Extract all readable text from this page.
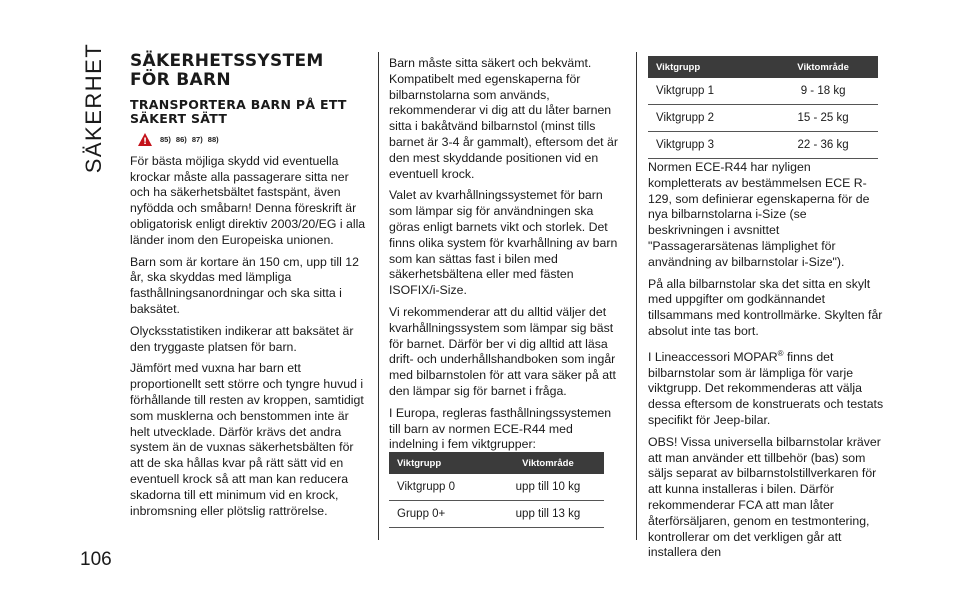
SÄKERHET
106
SÄKERHETSSYSTEM FÖR BARN
TRANSPORTERA BARN PÅ ETT SÄKERT SÄTT
!
85) 86) 87) 88)

För bästa möjliga skydd vid eventuella krockar måste alla passagerare sitta ner och ha säkerhetsbältet fastspänt, även nyfödda och småbarn! Denna föreskrift är obligatorisk enligt direktiv 2003/20/EG i alla länder inom den Europeiska unionen.

Barn som är kortare än 150 cm, upp till 12 år, ska skyddas med lämpliga fasthållningsanordningar och ska sitta i baksätet.

Olycksstatistiken indikerar att baksätet är den tryggaste platsen för barn.

Jämfört med vuxna har barn ett proportionellt sett större och tyngre huvud i förhållande till resten av kroppen, samtidigt som musklerna och benstommen inte är helt utvecklade. Därför krävs det andra system än de vuxnas säkerhetsbälten för att de ska hållas kvar på rätt sätt vid en eventuell krock så att man kan reducera skadorna till ett minimum vid en krock, inbromsning eller plötslig rattrörelse.

Barn måste sitta säkert och bekvämt. Kompatibelt med egenskaperna för bilbarnstolarna som används, rekommenderar vi dig att du låter barnen sitta i bakåtvänd bilbarnstol (minst tills barnet är 3-4 år gammalt), eftersom det är den mest skyddande positionen vid en eventuell krock.

Valet av kvarhållningssystemet för barn som lämpar sig för användningen ska göras enligt barnets vikt och storlek. Det finns olika system för kvarhållning av barn som kan sättas fast i bilen med säkerhetsbältena eller med fästen ISOFIX/i-Size.

Vi rekommenderar att du alltid väljer det kvarhållningssystem som lämpar sig bäst för barnet. Därför ber vi dig alltid att läsa drift- och underhållshandboken som ingår med bilbarnstolen för att vara säker på att den lämpar sig för barnet i fråga.

I Europa, regleras fasthållningssystemen till barn av normen ECE-R44 med indelning i fem viktgrupper:

Viktgrupp	Viktområde
Viktgrupp 0	upp till 10 kg
Grupp 0+	upp till 13 kg
Viktgrupp	Viktområde
Viktgrupp 1	9 - 18 kg
Viktgrupp 2	15 - 25 kg
Viktgrupp 3	22 - 36 kg

Normen ECE-R44 har nyligen kompletterats av bestämmelsen ECE R-129, som definierar egenskaperna för de nya bilbarnstolarna i-Size (se beskrivningen i avsnittet "Passagerarsätenas lämplighet för användning av bilbarnstolar i-Size").

På alla bilbarnstolar ska det sitta en skylt med uppgifter om godkännandet tillsammans med kontrollmärke. Skylten får absolut inte tas bort.

I Lineaccessori MOPAR® finns det bilbarnstolar som är lämpliga för varje viktgrupp. Det rekommenderas att välja dessa eftersom de konstruerats och testats specifikt för Jeep-bilar.

OBS! Vissa universella bilbarnstolar kräver att man använder ett tillbehör (bas) som säljs separat av bilbarnstolstillverkaren för att kunna installeras i bilen. Därför rekommenderar FCA att man låter återförsäljaren, genom en testmontering, kontrollerar om det verkligen går att installera den
